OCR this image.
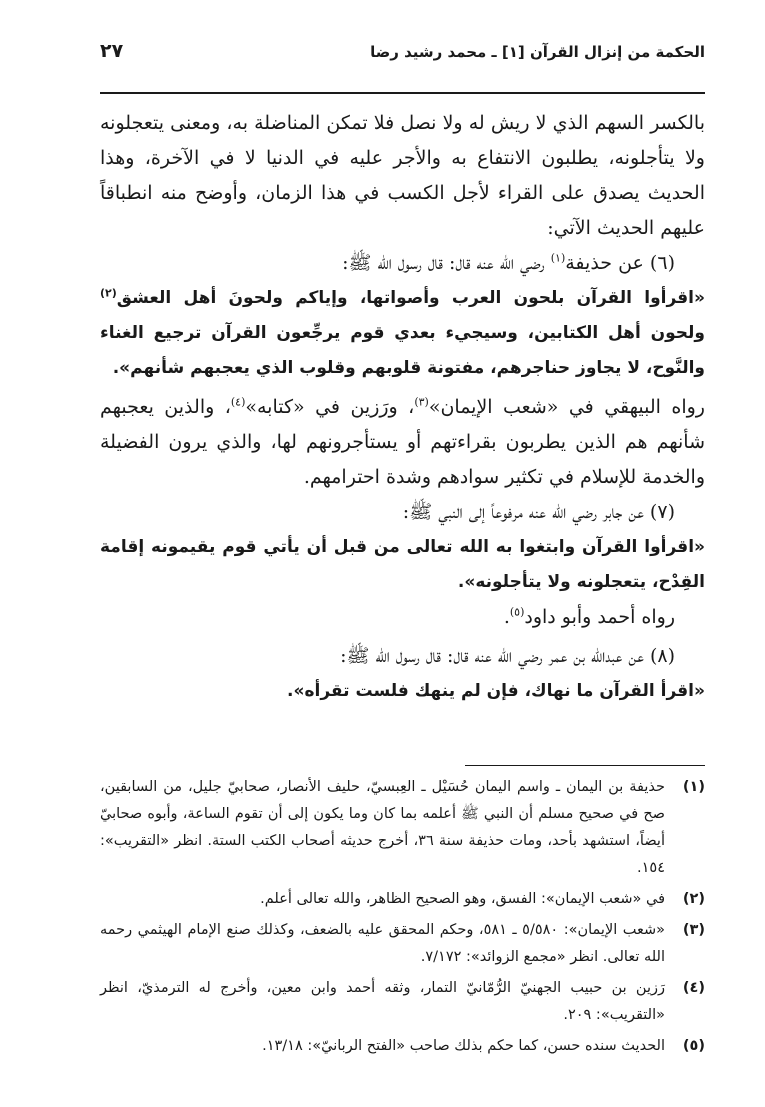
الحكمة من إنزال القرآن [١] ـ محمد رشيد رضا
٢٧

بالكسر السهم الذي لا ريش له ولا نصل فلا تمكن المناضلة به، ومعنى يتعجلونه ولا يتأجلونه، يطلبون الانتفاع به والأجر عليه في الدنيا لا في الآخرة، وهذا الحديث يصدق على القراء لأجل الكسب في هذا الزمان، وأوضح منه انطباقاً عليهم الحديث الآتي:

(٦) عن حذيفة$^{(١)}$ رضي الله عنه قال: قال رسول الله ﷺ:

«اقرأوا القرآن بلحون العرب وأصواتها، وإياكم ولحونَ أهل العشق$^{(٢)}$ ولحون أهل الكتابين، وسيجيء بعدي قوم يرجِّعون القرآن ترجيع الغناء والنَّوح، لا يجاوز حناجرهم، مفتونة قلوبهم وقلوب الذي يعجبهم شأنهم».

رواه البيهقي في «شعب الإيمان»$^{(٣)}$، ورَزين في «كتابه»$^{(٤)}$، والذين يعجبهم شأنهم هم الذين يطربون بقراءتهم أو يستأجرونهم لها، والذي يرون الفضيلة والخدمة للإسلام في تكثير سوادهم وشدة احترامهم.

(٧) عن جابر رضي الله عنه مرفوعاً إلى النبي ﷺ:

«اقرأوا القرآن وابتغوا به الله تعالى من قبل أن يأتي قوم يقيمونه إقامة القِدْح، يتعجلونه ولا يتأجلونه».

رواه أحمد وأبو داود$^{(٥)}$.

(٨) عن عبدالله بن عمر رضي الله عنه قال: قال رسول الله ﷺ:

«اقرأ القرآن ما نهاك، فإن لم ينهك فلست تقرأه».

(١)
حذيفة بن اليمان ـ واسم اليمان حُسَيْل ـ العِبسيّ، حليف الأنصار، صحابيّ جليل، من السابقين، صح في صحيح مسلم أن النبي ﷺ أعلمه بما كان وما يكون إلى أن تقوم الساعة، وأبوه صحابيّ أيضاً، استشهد بأحد، ومات حذيفة سنة ٣٦، أخرج حديثه أصحاب الكتب الستة. انظر «التقريب»: ١٥٤.
(٢)
في «شعب الإيمان»: الفسق، وهو الصحيح الظاهر، والله تعالى أعلم.
(٣)
«شعب الإيمان»: ٥/٥٨٠ ـ ٥٨١، وحكم المحقق عليه بالضعف، وكذلك صنع الإمام الهيثمي رحمه الله تعالى. انظر «مجمع الزوائد»: ٧/١٧٢.
(٤)
رَزين بن حبيب الجهنيّ الرُّمّانيّ التمار، وثقه أحمد وابن معين، وأخرج له الترمذيّ، انظر «التقريب»: ٢٠٩.
(٥)
الحديث سنده حسن، كما حكم بذلك صاحب «الفتح الربانيّ»: ١٣/١٨.
